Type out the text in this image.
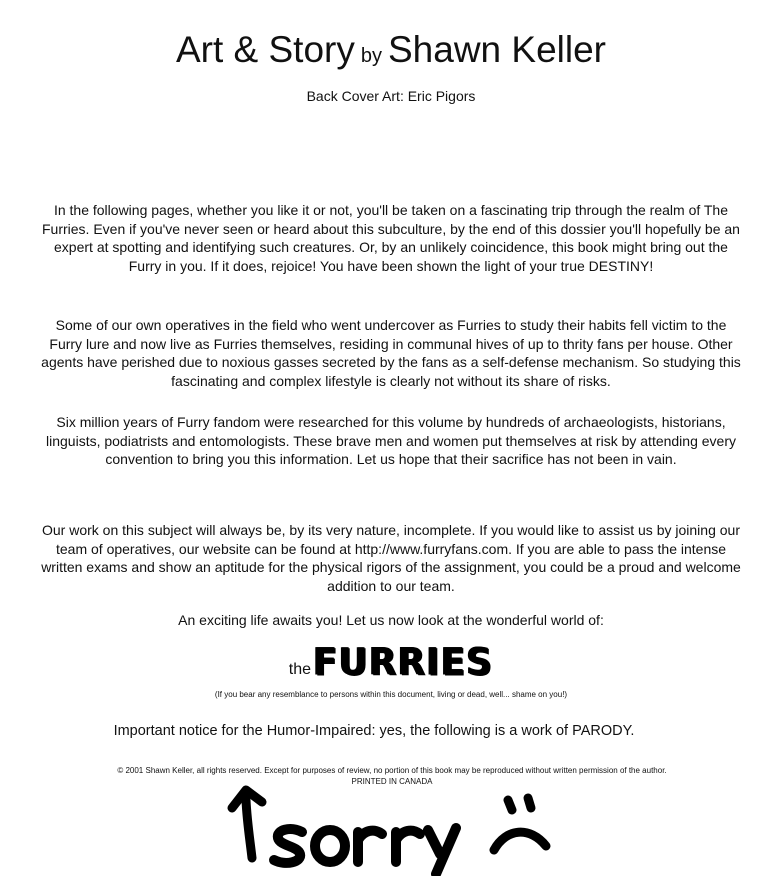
Art & Story by Shawn Keller
Back Cover Art: Eric Pigors

In the following pages, whether you like it or not, you'll be taken on a fascinating trip through the realm of The Furries. Even if you've never seen or heard about this subculture, by the end of this dossier you'll hopefully be an expert at spotting and identifying such creatures. Or, by an unlikely coincidence, this book might bring out the Furry in you. If it does, rejoice! You have been shown the light of your true DESTINY!

Some of our own operatives in the field who went undercover as Furries to study their habits fell victim to the Furry lure and now live as Furries themselves, residing in communal hives of up to thrity fans per house. Other agents have perished due to noxious gasses secreted by the fans as a self-defense mechanism. So studying this fascinating and complex lifestyle is clearly not without its share of risks.

Six million years of Furry fandom were researched for this volume by hundreds of archaeologists, historians, linguists, podiatrists and entomologists. These brave men and women put themselves at risk by attending every convention to bring you this information. Let us hope that their sacrifice has not been in vain.

Our work on this subject will always be, by its very nature, incomplete. If you would like to assist us by joining our team of operatives, our website can be found at http://www.furryfans.com. If you are able to pass the intense written exams and show an aptitude for the physical rigors of the assignment, you could be a proud and welcome addition to our team.

An exciting life awaits you! Let us now look at the wonderful world of:

theFURRIES
(If you bear any resemblance to persons within this document, living or dead, well... shame on you!)
Important notice for the Humor-Impaired: yes, the following is a work of PARODY.
© 2001 Shawn Keller, all rights reserved. Except for purposes of review, no portion of this book may be reproduced without written permission of the author.
PRINTED IN CANADA
sorry
